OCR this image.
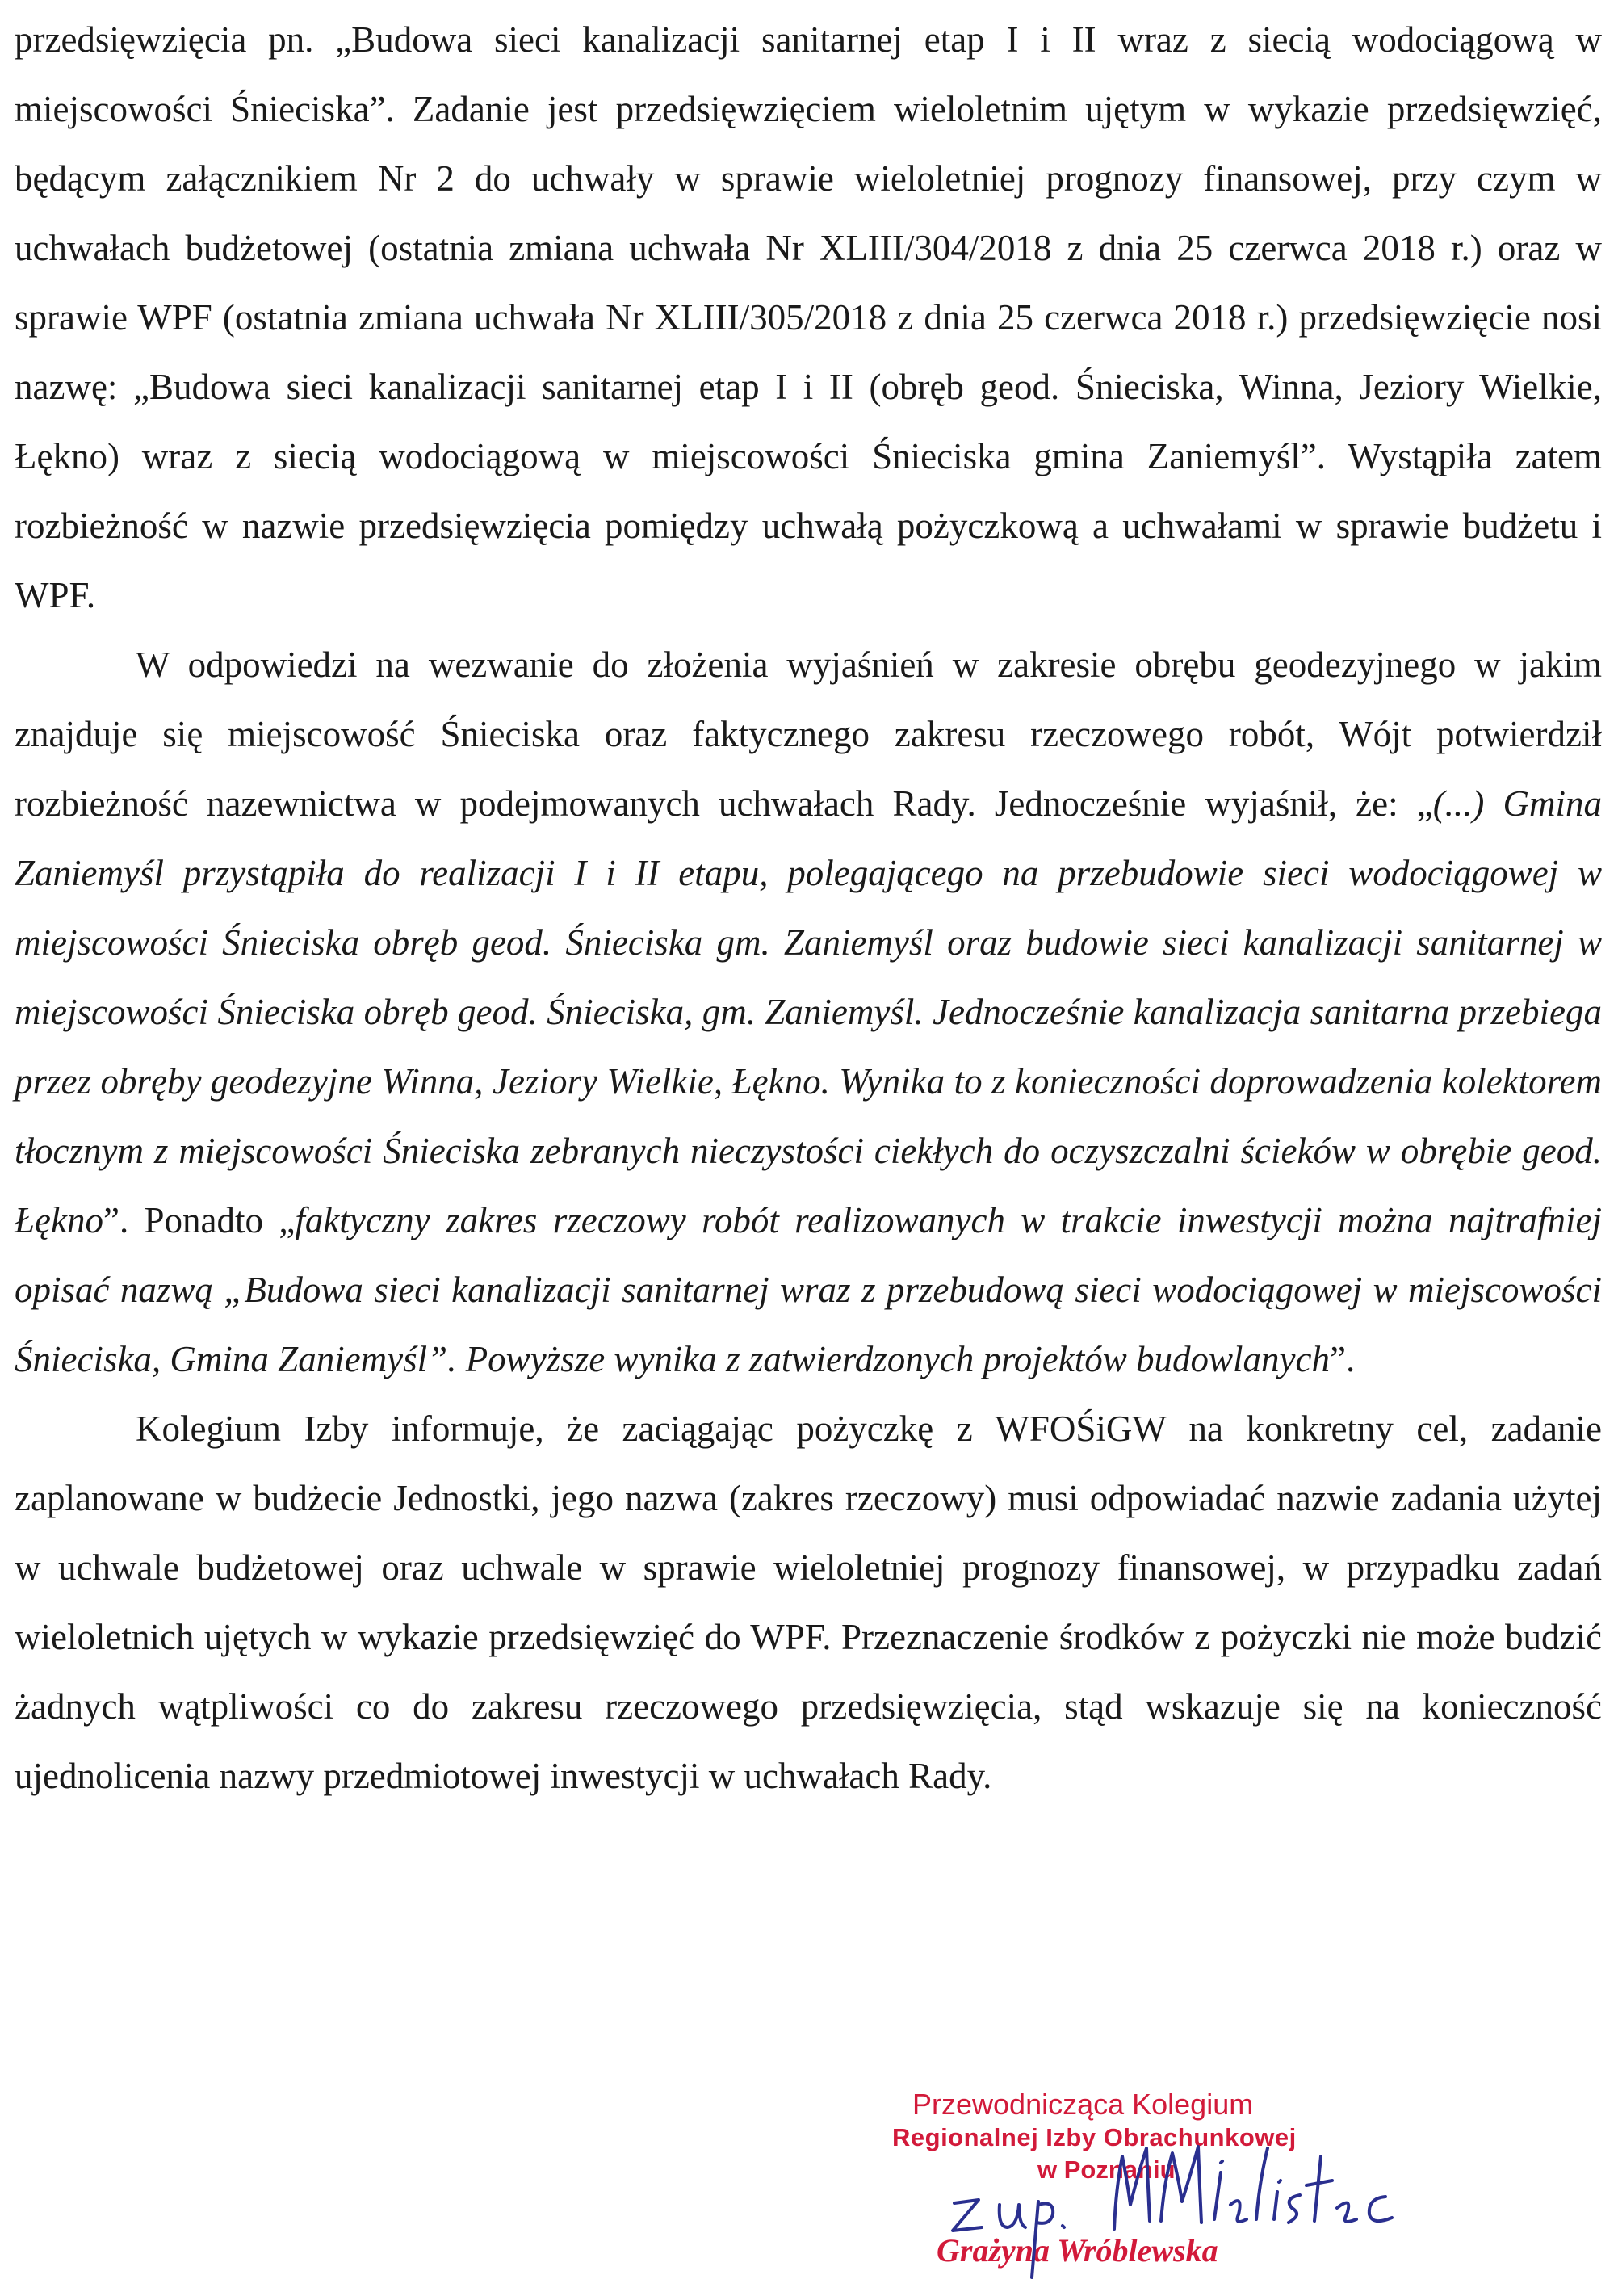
przedsięwzięcia pn. „Budowa sieci kanalizacji sanitarnej etap I i II wraz z siecią wodociągową w miejscowości Śnieciska”. Zadanie jest przedsięwzięciem wieloletnim ujętym w wykazie przedsięwzięć, będącym załącznikiem Nr 2 do uchwały w sprawie wieloletniej prognozy finansowej, przy czym w uchwałach budżetowej (ostatnia zmiana uchwała Nr XLIII/304/2018 z dnia 25 czerwca 2018 r.) oraz w sprawie WPF (ostatnia zmiana uchwała Nr XLIII/305/2018 z dnia 25 czerwca 2018 r.) przedsięwzięcie nosi nazwę: „Budowa sieci kanalizacji sanitarnej etap I i II (obręb geod. Śnieciska, Winna, Jeziory Wielkie, Łękno) wraz z siecią wodociągową w miejscowości Śnieciska gmina Zaniemyśl”. Wystąpiła zatem rozbieżność w nazwie przedsięwzięcia pomiędzy uchwałą pożyczkową a uchwałami w sprawie budżetu i WPF.

W odpowiedzi na wezwanie do złożenia wyjaśnień w zakresie obrębu geodezyjnego w jakim znajduje się miejscowość Śnieciska oraz faktycznego zakresu rzeczowego robót, Wójt potwierdził rozbieżność nazewnictwa w podejmowanych uchwałach Rady. Jednocześnie wyjaśnił, że: „(...) Gmina Zaniemyśl przystąpiła do realizacji I i II etapu, polegającego na przebudowie sieci wodociągowej w miejscowości Śnieciska obręb geod. Śnieciska gm. Zaniemyśl oraz budowie sieci kanalizacji sanitarnej w miejscowości Śnieciska obręb geod. Śnieciska, gm. Zaniemyśl. Jednocześnie kanalizacja sanitarna przebiega przez obręby geodezyjne Winna, Jeziory Wielkie, Łękno. Wynika to z konieczności doprowadzenia kolektorem tłocznym z miejscowości Śnieciska zebranych nieczystości ciekłych do oczyszczalni ścieków w obrębie geod. Łękno”. Ponadto „faktyczny zakres rzeczowy robót realizowanych w trakcie inwestycji można najtrafniej opisać nazwą „Budowa sieci kanalizacji sanitarnej wraz z przebudową sieci wodociągowej w miejscowości Śnieciska, Gmina Zaniemyśl”. Powyższe wynika z zatwierdzonych projektów budowlanych”.

Kolegium Izby informuje, że zaciągając pożyczkę z WFOŚiGW na konkretny cel, zadanie zaplanowane w budżecie Jednostki, jego nazwa (zakres rzeczowy) musi odpowiadać nazwie zadania użytej w uchwale budżetowej oraz uchwale w sprawie wieloletniej prognozy finansowej, w przypadku zadań wieloletnich ujętych w wykazie przedsięwzięć do WPF. Przeznaczenie środków z pożyczki nie może budzić żadnych wątpliwości co do zakresu rzeczowego przedsięwzięcia, stąd wskazuje się na konieczność ujednolicenia nazwy przedmiotowej inwestycji w uchwałach Rady.

Przewodnicząca Kolegium
Regionalnej Izby Obrachunkowej
w Poznaniu
Grażyna Wróblewska
